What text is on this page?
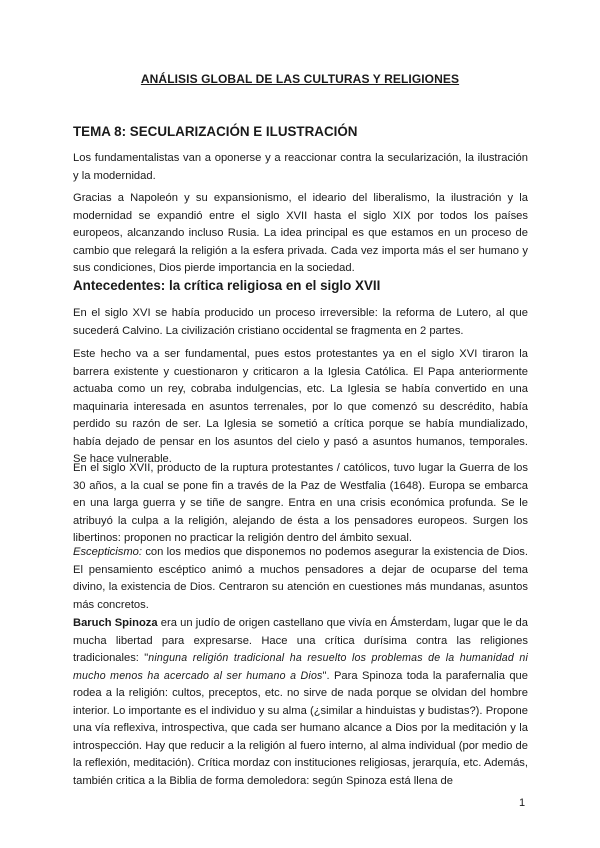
ANÁLISIS GLOBAL DE LAS CULTURAS Y RELIGIONES
TEMA 8: SECULARIZACIÓN E ILUSTRACIÓN

Los fundamentalistas van a oponerse y a reaccionar contra la secularización, la ilustración y la modernidad.

Gracias a Napoleón y su expansionismo, el ideario del liberalismo, la ilustración y la modernidad se expandió entre el siglo XVII hasta el siglo XIX por todos los países europeos, alcanzando incluso Rusia. La idea principal es que estamos en un proceso de cambio que relegará la religión a la esfera privada. Cada vez importa más el ser humano y sus condiciones, Dios pierde importancia en la sociedad.

Antecedentes: la crítica religiosa en el siglo XVII

En el siglo XVI se había producido un proceso irreversible: la reforma de Lutero, al que sucederá Calvino. La civilización cristiano occidental se fragmenta en 2 partes.

Este hecho va a ser fundamental, pues estos protestantes ya en el siglo XVI tiraron la barrera existente y cuestionaron y criticaron a la Iglesia Católica. El Papa anteriormente actuaba como un rey, cobraba indulgencias, etc. La Iglesia se había convertido en una maquinaria interesada en asuntos terrenales, por lo que comenzó su descrédito, había perdido su razón de ser. La Iglesia se sometió a crítica porque se había mundializado, había dejado de pensar en los asuntos del cielo y pasó a asuntos humanos, temporales. Se hace vulnerable.

En el siglo XVII, producto de la ruptura protestantes / católicos, tuvo lugar la Guerra de los 30 años, a la cual se pone fin a través de la Paz de Westfalia (1648). Europa se embarca en una larga guerra y se tiñe de sangre. Entra en una crisis económica profunda. Se le atribuyó la culpa a la religión, alejando de ésta a los pensadores europeos. Surgen los libertinos: proponen no practicar la religión dentro del ámbito sexual.

Escepticismo: con los medios que disponemos no podemos asegurar la existencia de Dios. El pensamiento escéptico animó a muchos pensadores a dejar de ocuparse del tema divino, la existencia de Dios. Centraron su atención en cuestiones más mundanas, asuntos más concretos.

Baruch Spinoza era un judío de origen castellano que vivía en Ámsterdam, lugar que le da mucha libertad para expresarse. Hace una crítica durísima contra las religiones tradicionales: "ninguna religión tradicional ha resuelto los problemas de la humanidad ni mucho menos ha acercado al ser humano a Dios". Para Spinoza toda la parafernalia que rodea a la religión: cultos, preceptos, etc. no sirve de nada porque se olvidan del hombre interior. Lo importante es el individuo y su alma (¿similar a hinduistas y budistas?). Propone una vía reflexiva, introspectiva, que cada ser humano alcance a Dios por la meditación y la introspección. Hay que reducir a la religión al fuero interno, al alma individual (por medio de la reflexión, meditación). Crítica mordaz con instituciones religiosas, jerarquía, etc. Además, también critica a la Biblia de forma demoledora: según Spinoza está llena de

1
